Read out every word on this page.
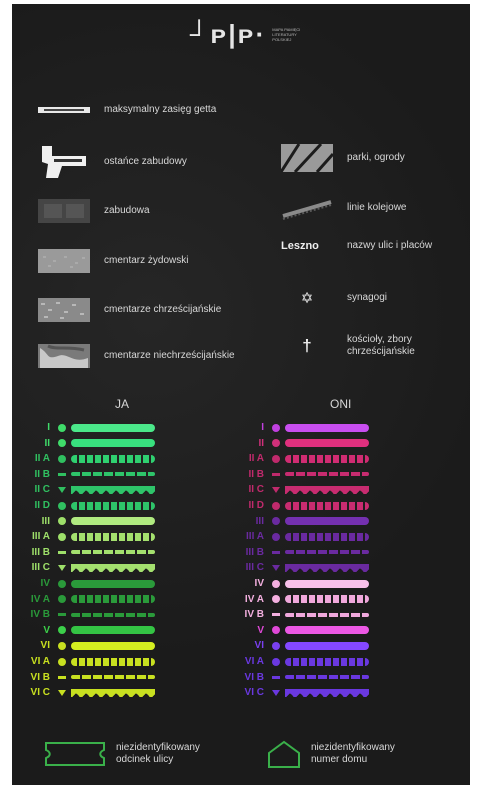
┘ᴘ|ᴘ· MAPA PAMIĘCI LITERATURY POLSKIEJ
maksymalny zasięg getta
ostańce zabudowy
zabudowa
cmentarz żydowski
cmentarze chrześcijańskie
cmentarze niechrześcijańskie
parki, ogrody
linie kolejowe
Leszno	nazwy ulic i placów
✡	synagogi
†	kościoły, zbory chrześcijańskie
JA	ONI
I
II
II A
II B
II C
II D
III
III A
III B
III C
IV
IV A
IV B
V
VI
VI A
VI B
VI C
I
II
II A
II B
II C
II D
III
III A
III B
III C
IV
IV A
IV B
V
VI
VI A
VI B
VI C
niezidentyfikowany odcinek ulicy
niezidentyfikowany numer domu
